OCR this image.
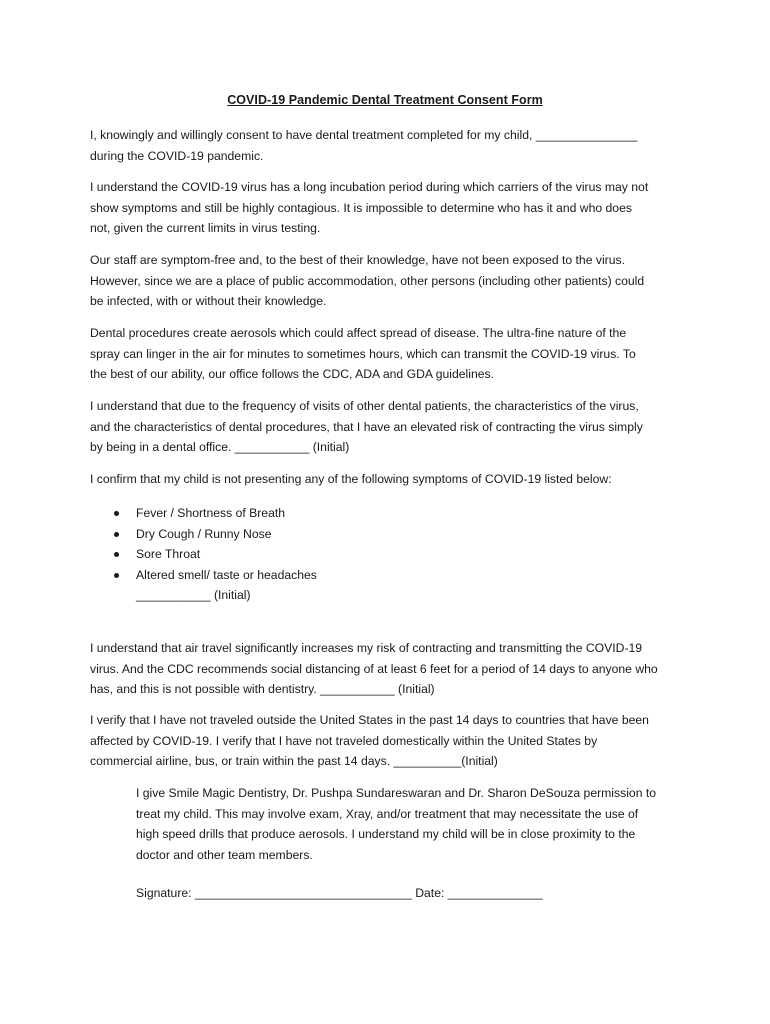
COVID-19 Pandemic Dental Treatment Consent Form

I, knowingly and willingly consent to have dental treatment completed for my child, _______________
during the COVID-19 pandemic.

I understand the COVID-19 virus has a long incubation period during which carriers of the virus may not
show symptoms and still be highly contagious. It is impossible to determine who has it and who does
not, given the current limits in virus testing.

Our staff are symptom-free and, to the best of their knowledge, have not been exposed to the virus.
However, since we are a place of public accommodation, other persons (including other patients) could
be infected, with or without their knowledge.

Dental procedures create aerosols which could affect spread of disease. The ultra-fine nature of the
spray can linger in the air for minutes to sometimes hours, which can transmit the COVID-19 virus. To
the best of our ability, our office follows the CDC, ADA and GDA guidelines.

I understand that due to the frequency of visits of other dental patients, the characteristics of the virus,
and the characteristics of dental procedures, that I have an elevated risk of contracting the virus simply
by being in a dental office. ___________ (Initial)

I confirm that my child is not presenting any of the following symptoms of COVID-19 listed below:

Fever / Shortness of Breath
Dry Cough / Runny Nose
Sore Throat
Altered smell/ taste or headaches
___________ (Initial)

I understand that air travel significantly increases my risk of contracting and transmitting the COVID-19
virus. And the CDC recommends social distancing of at least 6 feet for a period of 14 days to anyone who
has, and this is not possible with dentistry. ___________ (Initial)

I verify that I have not traveled outside the United States in the past 14 days to countries that have been
affected by COVID-19. I verify that I have not traveled domestically within the United States by
commercial airline, bus, or train within the past 14 days. __________(Initial)

I give Smile Magic Dentistry, Dr. Pushpa Sundareswaran and Dr. Sharon DeSouza permission to
treat my child. This may involve exam, Xray, and/or treatment that may necessitate the use of
high speed drills that produce aerosols. I understand my child will be in close proximity to the
doctor and other team members.

Signature: ________________________________ Date: ______________
